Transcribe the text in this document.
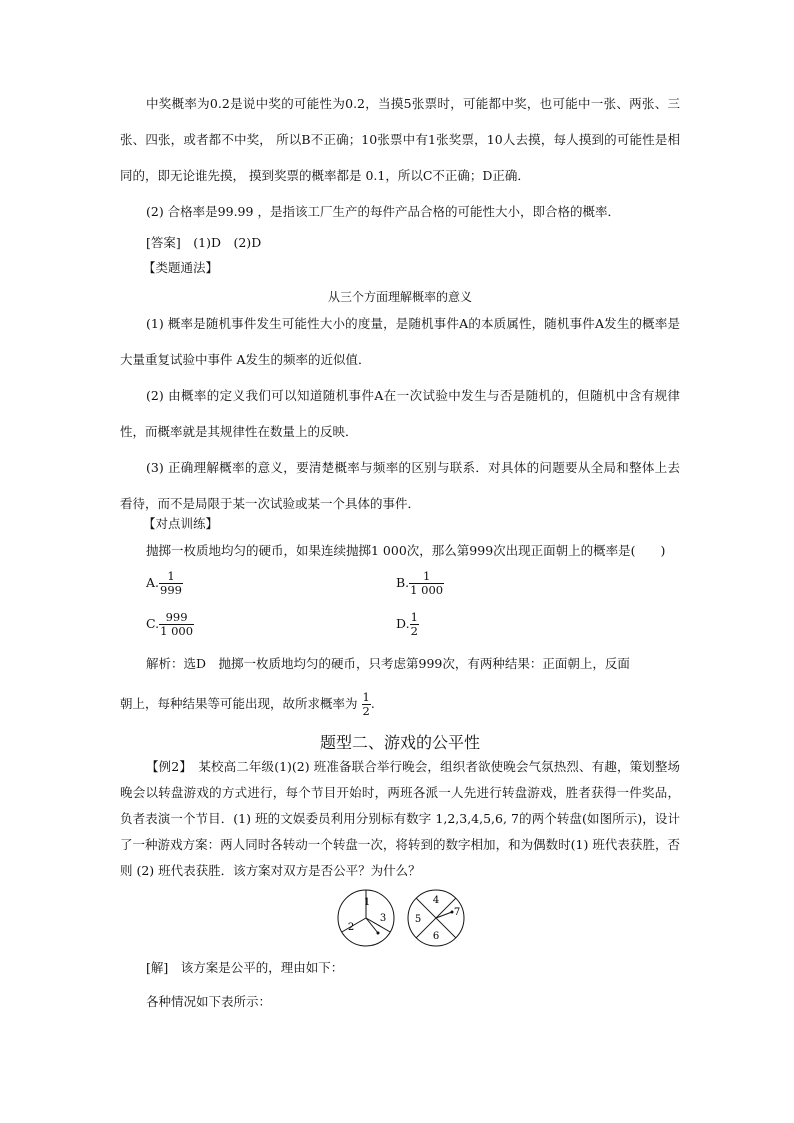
中奖概率为0.2是说中奖的可能性为0.2，当摸5张票时，可能都中奖，也可能中一张、两张、三张、四张，或者都不中奖， 所以B不正确；10张票中有1张奖票，10人去摸，每人摸到的可能性是相同的，即无论谁先摸， 摸到奖票的概率都是 0.1，所以C不正确；D正确．

(2) 合格率是99.99 ，是指该工厂生产的每件产品合格的可能性大小，即合格的概率．

[答案]　(1)D　(2)D

【类题通法】

从三个方面理解概率的意义

(1) 概率是随机事件发生可能性大小的度量，是随机事件A的本质属性，随机事件A发生的概率是大量重复试验中事件 A发生的频率的近似值．

(2) 由概率的定义我们可以知道随机事件A在一次试验中发生与否是随机的，但随机中含有规律性，而概率就是其规律性在数量上的反映．

(3) 正确理解概率的意义，要清楚概率与频率的区别与联系．对具体的问题要从全局和整体上去看待，而不是局限于某一次试验或某一个具体的事件．

【对点训练】

抛掷一枚质地均匀的硬币，如果连续抛掷1 000次，那么第999次出现正面朝上的概率是(　　)

A. $\frac{1}{999}$	B. $\frac{1}{1 000}$
C. $\frac{999}{1 000}$	D. $\frac{1}{2}$

解析：选D　抛掷一枚质地均匀的硬币，只考虑第999次，有两种结果：正面朝上，反面

朝上，每种结果等可能出现，故所求概率为 $\frac{1}{2}$ .

题型二、游戏的公平性

【例2】　某校高二年级(1)(2) 班准备联合举行晚会，组织者欲使晚会气氛热烈、有趣，策划整场晚会以转盘游戏的方式进行，每个节目开始时，两班各派一人先进行转盘游戏，胜者获得一件奖品，负者表演一个节目．(1) 班的文娱委员利用分别标有数字 1,2,3,4,5,6, 7的两个转盘(如图所示)，设计了一种游戏方案：两人同时各转动一个转盘一次，将转到的数字相加，和为偶数时(1) 班代表获胜，否则 (2) 班代表获胜．该方案对双方是否公平？为什么？

1
2
3
4
5
6
7

[解]　该方案是公平的，理由如下：

各种情况如下表所示：
